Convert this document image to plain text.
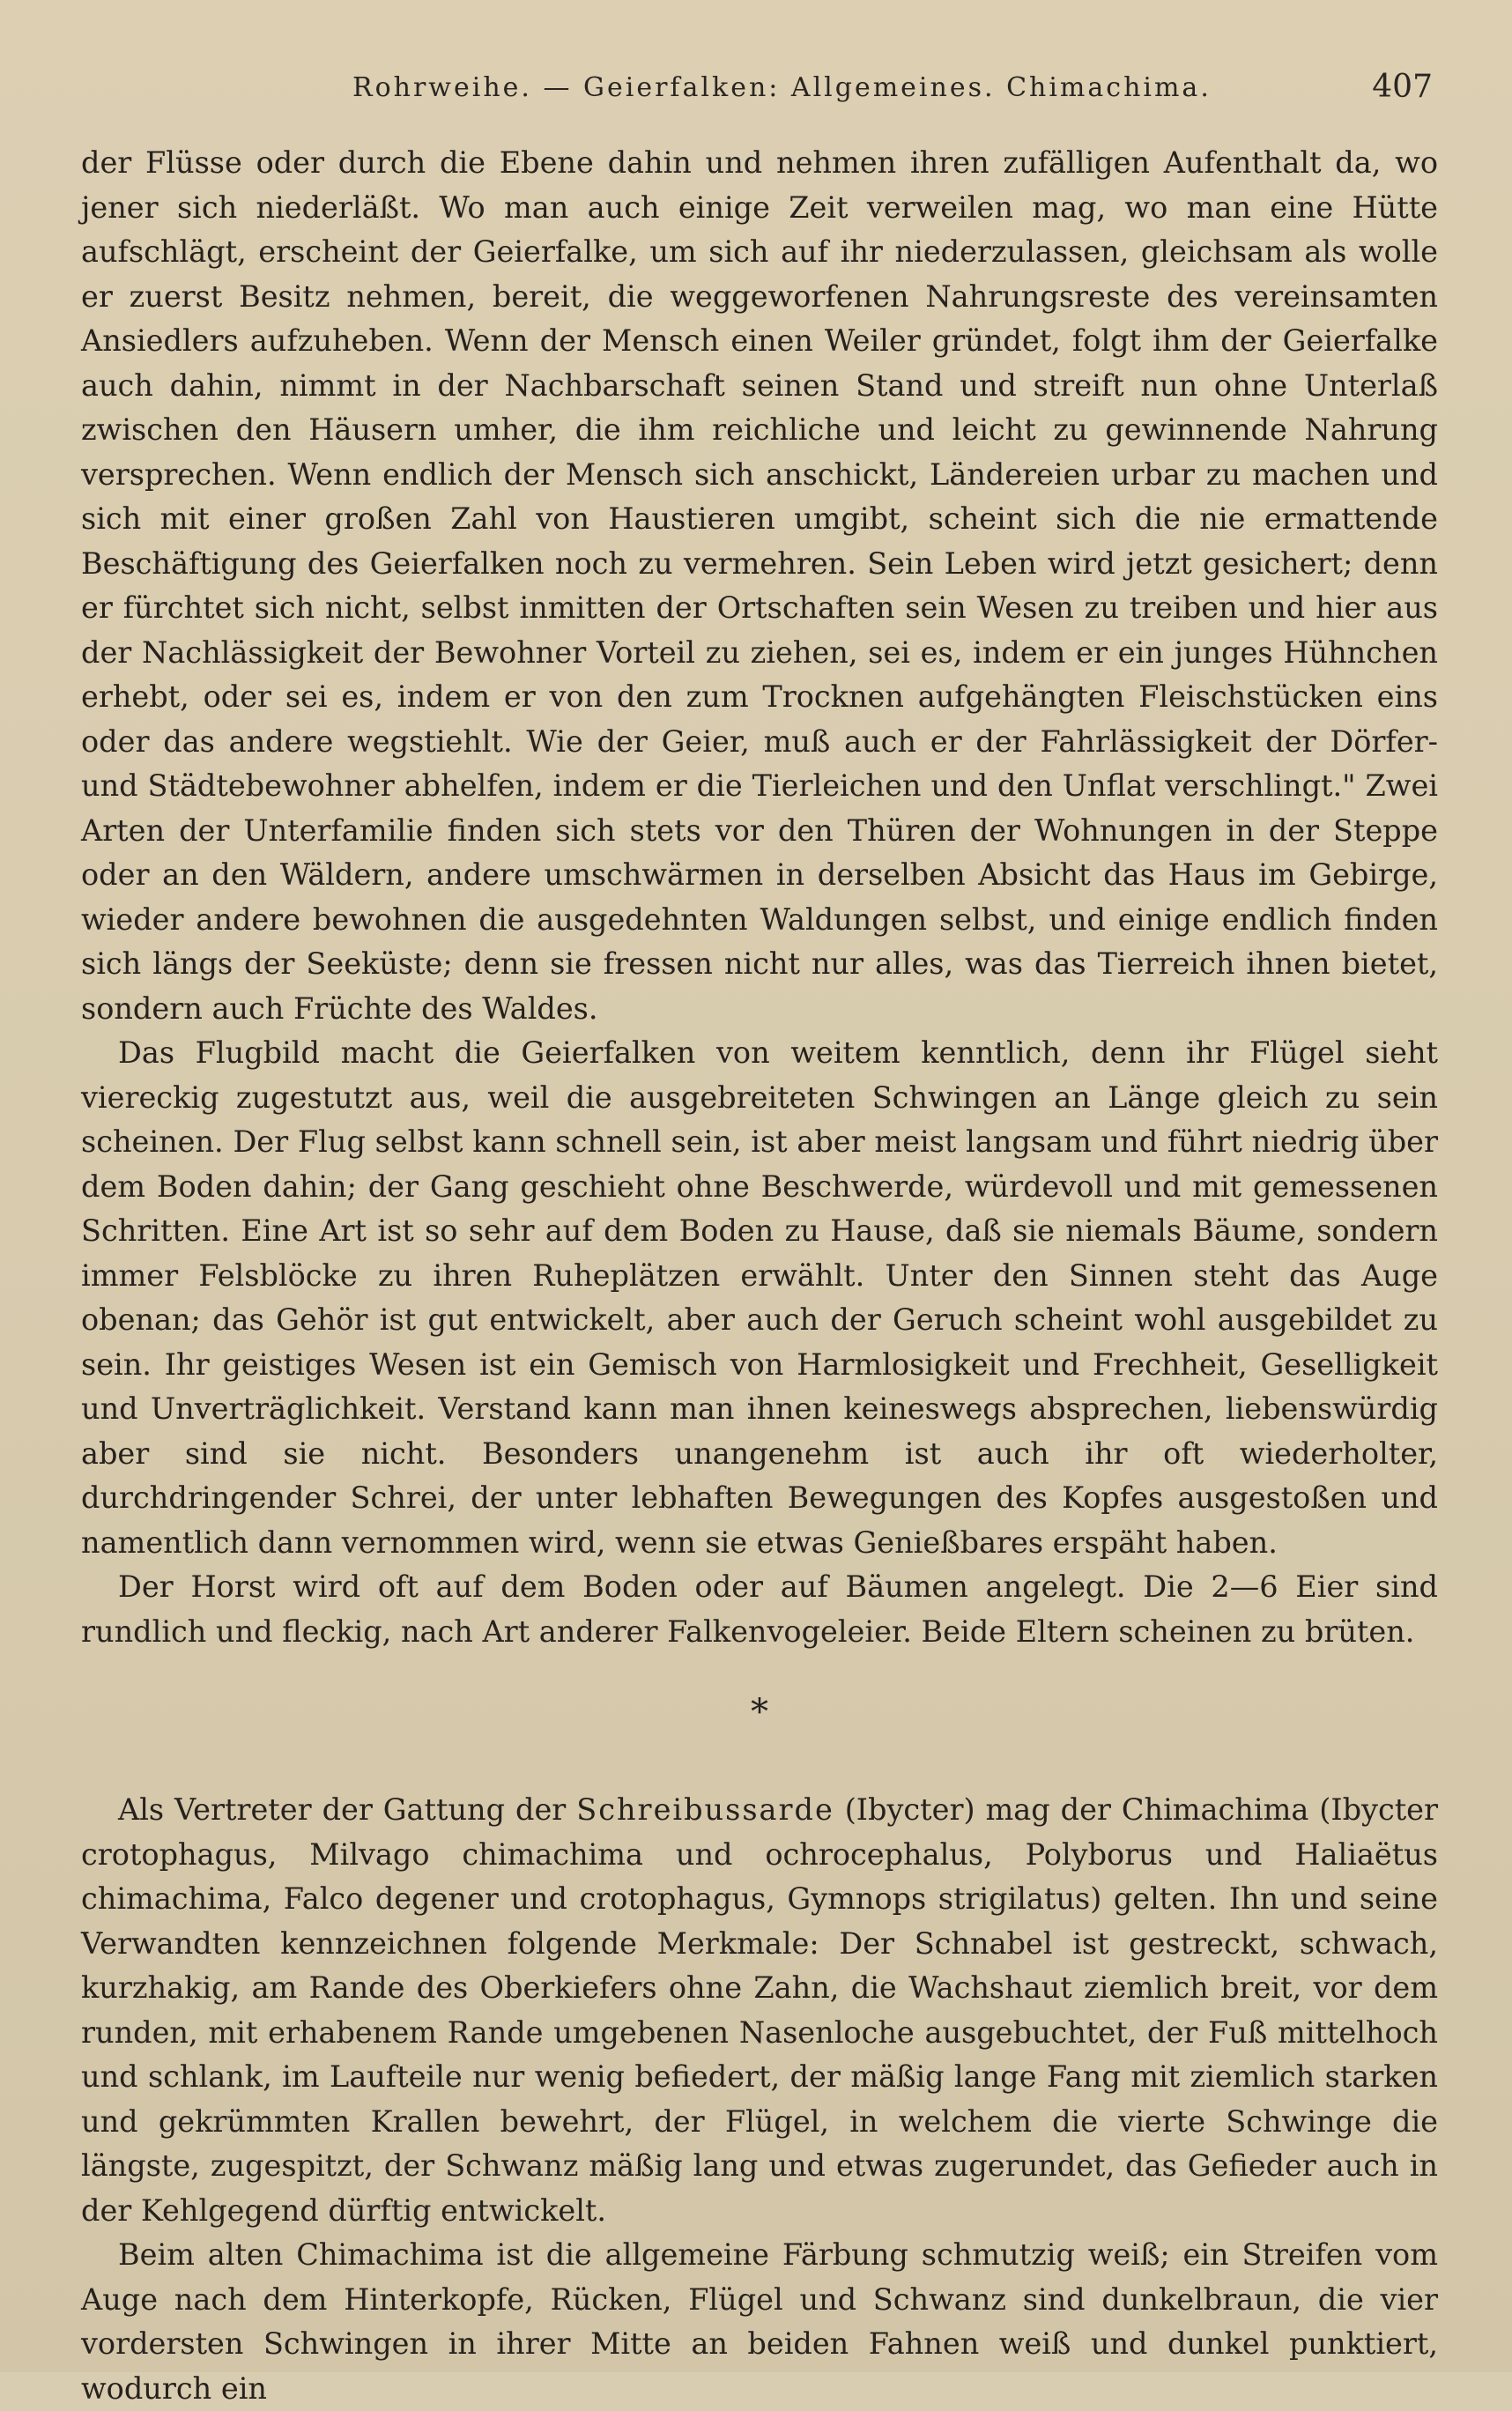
Rohrweihe. — Geierfalken: Allgemeines. Chimachima.	407

der Flüsse oder durch die Ebene dahin und nehmen ihren zufälligen Aufenthalt da, wo jener sich niederläßt. Wo man auch einige Zeit verweilen mag, wo man eine Hütte aufschlägt, erscheint der Geierfalke, um sich auf ihr niederzulassen, gleichsam als wolle er zuerst Besitz nehmen, bereit, die weggeworfenen Nahrungsreste des vereinsamten Ansiedlers aufzuheben. Wenn der Mensch einen Weiler gründet, folgt ihm der Geierfalke auch dahin, nimmt in der Nachbarschaft seinen Stand und streift nun ohne Unterlaß zwischen den Häusern umher, die ihm reichliche und leicht zu gewinnende Nahrung versprechen. Wenn endlich der Mensch sich anschickt, Ländereien urbar zu machen und sich mit einer großen Zahl von Haustieren umgibt, scheint sich die nie ermattende Beschäftigung des Geierfalken noch zu vermehren. Sein Leben wird jetzt gesichert; denn er fürchtet sich nicht, selbst inmitten der Ortschaften sein Wesen zu treiben und hier aus der Nachlässigkeit der Bewohner Vorteil zu ziehen, sei es, indem er ein junges Hühnchen erhebt, oder sei es, indem er von den zum Trocknen aufgehängten Fleischstücken eins oder das andere wegstiehlt. Wie der Geier, muß auch er der Fahrlässigkeit der Dörfer- und Städtebewohner abhelfen, indem er die Tierleichen und den Unflat verschlingt." Zwei Arten der Unterfamilie finden sich stets vor den Thüren der Wohnungen in der Steppe oder an den Wäldern, andere umschwärmen in derselben Absicht das Haus im Gebirge, wieder andere bewohnen die ausgedehnten Waldungen selbst, und einige endlich finden sich längs der Seeküste; denn sie fressen nicht nur alles, was das Tierreich ihnen bietet, sondern auch Früchte des Waldes.

Das Flugbild macht die Geierfalken von weitem kenntlich, denn ihr Flügel sieht viereckig zugestutzt aus, weil die ausgebreiteten Schwingen an Länge gleich zu sein scheinen. Der Flug selbst kann schnell sein, ist aber meist langsam und führt niedrig über dem Boden dahin; der Gang geschieht ohne Beschwerde, würdevoll und mit gemessenen Schritten. Eine Art ist so sehr auf dem Boden zu Hause, daß sie niemals Bäume, sondern immer Felsblöcke zu ihren Ruheplätzen erwählt. Unter den Sinnen steht das Auge obenan; das Gehör ist gut entwickelt, aber auch der Geruch scheint wohl ausgebildet zu sein. Ihr geistiges Wesen ist ein Gemisch von Harmlosigkeit und Frechheit, Geselligkeit und Unverträglichkeit. Verstand kann man ihnen keineswegs absprechen, liebenswürdig aber sind sie nicht. Besonders unangenehm ist auch ihr oft wiederholter, durchdringender Schrei, der unter lebhaften Bewegungen des Kopfes ausgestoßen und namentlich dann vernommen wird, wenn sie etwas Genießbares erspäht haben.

Der Horst wird oft auf dem Boden oder auf Bäumen angelegt. Die 2—6 Eier sind rundlich und fleckig, nach Art anderer Falkenvogeleier. Beide Eltern scheinen zu brüten.

*

Als Vertreter der Gattung der Schreibussarde (Ibycter) mag der Chimachima (Ibycter crotophagus, Milvago chimachima und ochrocephalus, Polyborus und Haliaëtus chimachima, Falco degener und crotophagus, Gymnops strigilatus) gelten. Ihn und seine Verwandten kennzeichnen folgende Merkmale: Der Schnabel ist gestreckt, schwach, kurzhakig, am Rande des Oberkiefers ohne Zahn, die Wachshaut ziemlich breit, vor dem runden, mit erhabenem Rande umgebenen Nasenloche ausgebuchtet, der Fuß mittelhoch und schlank, im Laufteile nur wenig befiedert, der mäßig lange Fang mit ziemlich starken und gekrümmten Krallen bewehrt, der Flügel, in welchem die vierte Schwinge die längste, zugespitzt, der Schwanz mäßig lang und etwas zugerundet, das Gefieder auch in der Kehlgegend dürftig entwickelt.

Beim alten Chimachima ist die allgemeine Färbung schmutzig weiß; ein Streifen vom Auge nach dem Hinterkopfe, Rücken, Flügel und Schwanz sind dunkelbraun, die vier vordersten Schwingen in ihrer Mitte an beiden Fahnen weiß und dunkel punktiert, wodurch ein
